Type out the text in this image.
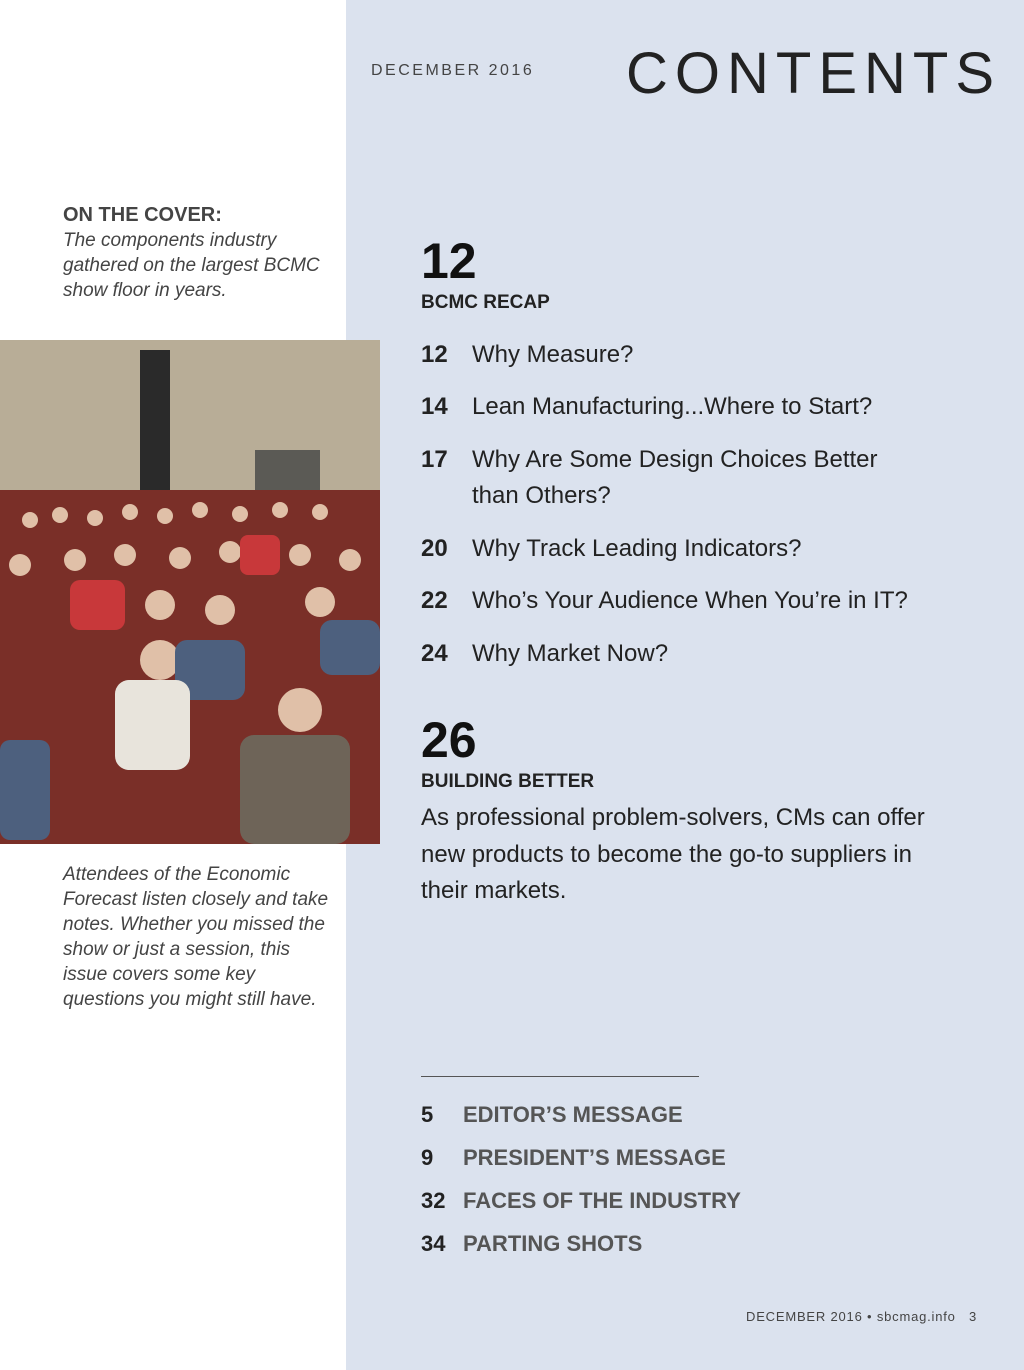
ON THE COVER:
The components industry gathered on the largest BCMC show floor in years.
Attendees of the Economic Forecast listen closely and take notes. Whether you missed the show or just a session, this issue covers some key questions you might still have.
DECEMBER 2016 CONTENTS
12
BCMC RECAP
12	Why Measure?
14	Lean Manufacturing...Where to Start?
17	Why Are Some Design Choices Better than Others?
20	Why Track Leading Indicators?
22	Who’s Your Audience When You’re in IT?
24	Why Market Now?
26
BUILDING BETTER
As professional problem-solvers, CMs can offer new products to become the go-to suppliers in their markets.
5	EDITOR’S MESSAGE
9	PRESIDENT’S MESSAGE
32 FACES OF THE INDUSTRY
34 PARTING SHOTS
DECEMBER 2016 • sbcmag.info 3
